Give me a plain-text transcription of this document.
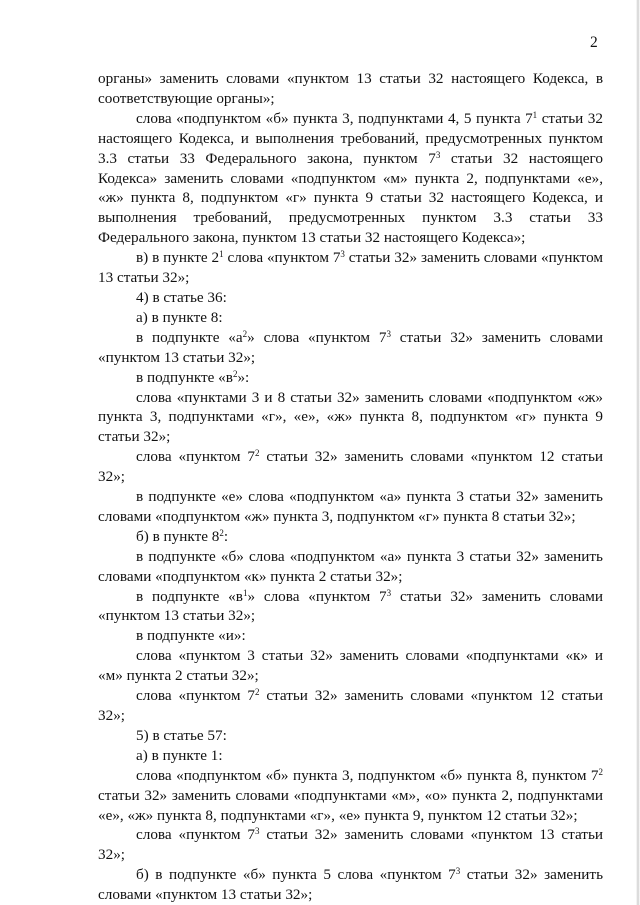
2

органы» заменить словами «пунктом 13 статьи 32 настоящего Кодекса, в соответствующие органы»;

слова «подпунктом «б» пункта 3, подпунктами 4, 5 пункта $7^1$ статьи 32 настоящего Кодекса, и выполнения требований, предусмотренных пунктом 3.3 статьи 33 Федерального закона, пунктом $7^3$ статьи 32 настоящего Кодекса» заменить словами «подпунктом «м» пункта 2, подпунктами «е», «ж» пункта 8, подпунктом «г» пункта 9 статьи 32 настоящего Кодекса, и выполнения требований, предусмотренных пунктом 3.3 статьи 33 Федерального закона, пунктом 13 статьи 32 настоящего Кодекса»;

в) в пункте $2^1$ слова «пунктом $7^3$ статьи 32» заменить словами «пунктом 13 статьи 32»;

4) в статье 36:

а) в пункте 8:

в подпункте «$а^2$» слова «пунктом $7^3$ статьи 32» заменить словами «пунктом 13 статьи 32»;

в подпункте «$в^2$»:

слова «пунктами 3 и 8 статьи 32» заменить словами «подпунктом «ж» пункта 3, подпунктами «г», «е», «ж» пункта 8, подпунктом «г» пункта 9 статьи 32»;

слова «пунктом $7^2$ статьи 32» заменить словами «пунктом 12 статьи 32»;

в подпункте «е» слова «подпунктом «а» пункта 3 статьи 32» заменить словами «подпунктом «ж» пункта 3, подпунктом «г» пункта 8 статьи 32»;

б) в пункте $8^2$:

в подпункте «б» слова «подпунктом «а» пункта 3 статьи 32» заменить словами «подпунктом «к» пункта 2 статьи 32»;

в подпункте «$в^1$» слова «пунктом $7^3$ статьи 32» заменить словами «пунктом 13 статьи 32»;

в подпункте «и»:

слова «пунктом 3 статьи 32» заменить словами «подпунктами «к» и «м» пункта 2 статьи 32»;

слова «пунктом $7^2$ статьи 32» заменить словами «пунктом 12 статьи 32»;

5) в статье 57:

а) в пункте 1:

слова «подпунктом «б» пункта 3, подпунктом «б» пункта 8, пунктом $7^2$ статьи 32» заменить словами «подпунктами «м», «о» пункта 2, подпунктами «е», «ж» пункта 8, подпунктами «г», «е» пункта 9, пунктом 12 статьи 32»;

слова «пунктом $7^3$ статьи 32» заменить словами «пунктом 13 статьи 32»;

б) в подпункте «б» пункта 5 слова «пунктом $7^3$ статьи 32» заменить словами «пунктом 13 статьи 32»;
